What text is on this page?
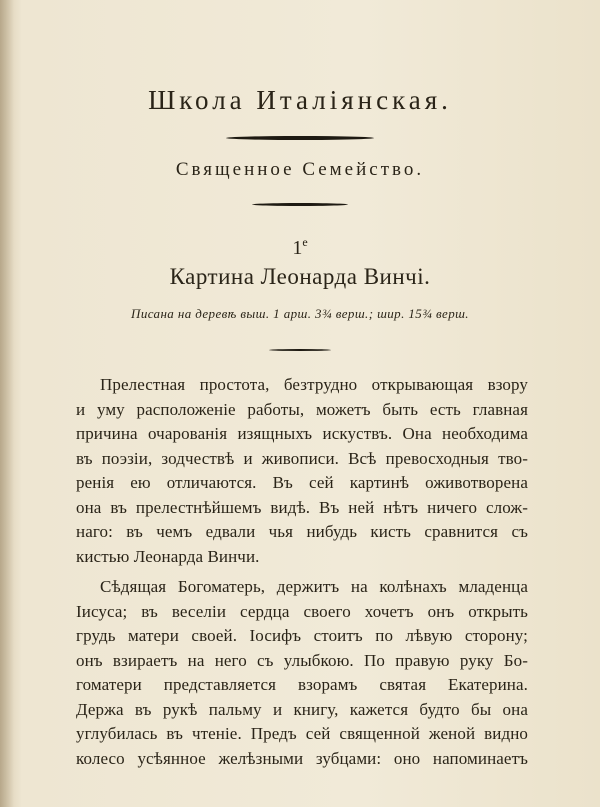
Школа Италіянская.
Священное Семейство.
$1^е$
Картина Леонарда Винчі.
Писана на деревѣ выш. 1 арш. 3¾ верш.; шир. 15¾ верш.
Прелестная простота, безтрудно открывающая взору
и уму расположеніе работы, можетъ быть есть главная
причина очарованія изящныхъ искуствъ. Она необходима
въ поэзіи, зодчествѣ и живописи. Всѣ превосходныя тво-
ренія ею отличаются. Въ сей картинѣ оживотворена
она въ прелестнѣйшемъ видѣ. Въ ней нѣтъ ничего слож-
наго: въ чемъ едвали чья нибудь кисть сравнится съ
кистью Леонарда Винчи.
Сѣдящая Богоматерь, держитъ на колѣнахъ младенца
Іисуса; въ веселіи сердца своего хочетъ онъ открыть
грудь матери своей. Іосифъ стоитъ по лѣвую сторону;
онъ взираетъ на него съ улыбкою. По правую руку Бо-
гоматери представляется взорамъ святая Екатерина.
Держа въ рукѣ пальму и книгу, кажется будто бы она
углубилась въ чтеніе. Предъ сей священной женой видно
колесо усѣянное желѣзными зубцами: оно напоминаетъ
